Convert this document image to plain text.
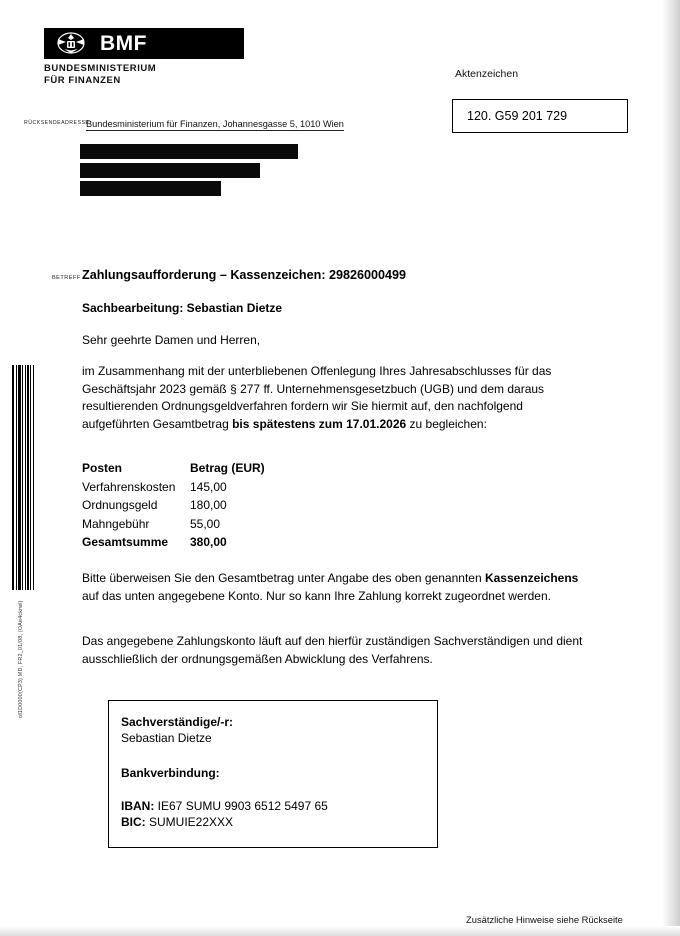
BMF
BUNDESMINISTERIUM
FÜR FINANZEN	Aktenzeichen
120. G59 201 729
RÜCKSENDEADRESSE
Bundesministerium für Finanzen, Johannesgasse 5, 1010 Wien
of1D0000(CP3) MD, FR2_01/08, (OAe4ckrwl)
BETREFF Zahlungsaufforderung – Kassenzeichen: 29826000499
Sachbearbeitung: Sebastian Dietze
Sehr geehrte Damen und Herren,
im Zusammenhang mit der unterbliebenen Offenlegung Ihres Jahresabschlusses für das Geschäftsjahr 2023 gemäß § 277 ff. Unternehmensgesetzbuch (UGB) und dem daraus resultierenden Ordnungsgeldverfahren fordern wir Sie hiermit auf, den nachfolgend aufgeführten Gesamtbetrag bis spätestens zum 17.01.2026 zu begleichen:
Posten	Betrag (EUR)
Verfahrenskosten	145,00
Ordnungsgeld	180,00
Mahngebühr	55,00
Gesamtsumme	380,00
Bitte überweisen Sie den Gesamtbetrag unter Angabe des oben genannten Kassenzeichens auf das unten angegebene Konto. Nur so kann Ihre Zahlung korrekt zugeordnet werden.
Das angegebene Zahlungskonto läuft auf den hierfür zuständigen Sachverständigen und dient ausschließlich der ordnungsgemäßen Abwicklung des Verfahrens.
Sachverständige/-r:
Sebastian Dietze
Bankverbindung:
IBAN: IE67 SUMU 9903 6512 5497 65
BIC: SUMUIE22XXX
Zusätzliche Hinweise siehe Rückseite
